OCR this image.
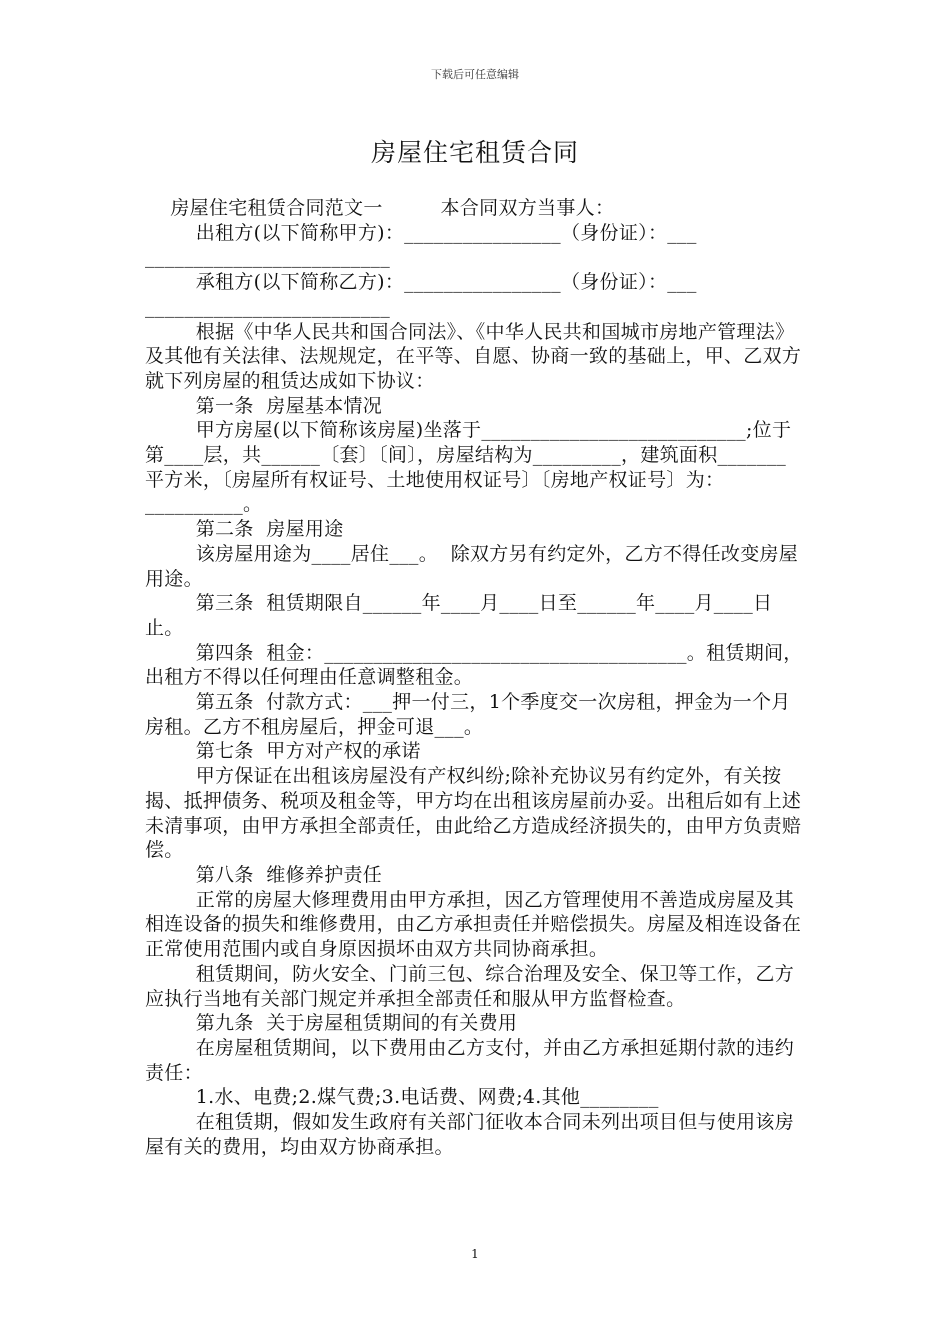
下载后可任意编辑
房屋住宅租赁合同

房屋住宅租赁合同范文一　　　本合同双方当事人：

出租方(以下简称甲方)：________________（身份证）：___

_________________________

承租方(以下简称乙方)：________________（身份证）：___

_________________________

根据《中华人民共和国合同法》、《中华人民共和国城市房地产管理法》及其他有关法律、法规规定，在平等、自愿、协商一致的基础上，甲、乙双方就下列房屋的租赁达成如下协议：

第一条  房屋基本情况

甲方房屋(以下简称该房屋)坐落于___________________________;位于第____层，共______〔套〕〔间〕，房屋结构为_________，建筑面积_______平方米，〔房屋所有权证号、土地使用权证号〕〔房地产权证号〕为：__________。

第二条  房屋用途

该房屋用途为____居住___。  除双方另有约定外，乙方不得任改变房屋用途。

第三条  租赁期限自______年____月____日至______年____月____日止。

第四条  租金：_____________________________________。租赁期间，出租方不得以任何理由任意调整租金。

第五条  付款方式：___押一付三，1个季度交一次房租，押金为一个月房租。乙方不租房屋后，押金可退___。

第七条  甲方对产权的承诺

甲方保证在出租该房屋没有产权纠纷;除补充协议另有约定外，有关按揭、抵押债务、税项及租金等，甲方均在出租该房屋前办妥。出租后如有上述未清事项，由甲方承担全部责任，由此给乙方造成经济损失的，由甲方负责赔偿。

第八条  维修养护责任

正常的房屋大修理费用由甲方承担，因乙方管理使用不善造成房屋及其相连设备的损失和维修费用，由乙方承担责任并赔偿损失。房屋及相连设备在正常使用范围内或自身原因损坏由双方共同协商承担。

租赁期间，防火安全、门前三包、综合治理及安全、保卫等工作，乙方应执行当地有关部门规定并承担全部责任和服从甲方监督检查。

第九条  关于房屋租赁期间的有关费用

在房屋租赁期间，以下费用由乙方支付，并由乙方承担延期付款的违约责任：

1.水、电费;2.煤气费;3.电话费、网费;4.其他________

在租赁期，假如发生政府有关部门征收本合同未列出项目但与使用该房屋有关的费用，均由双方协商承担。

1
